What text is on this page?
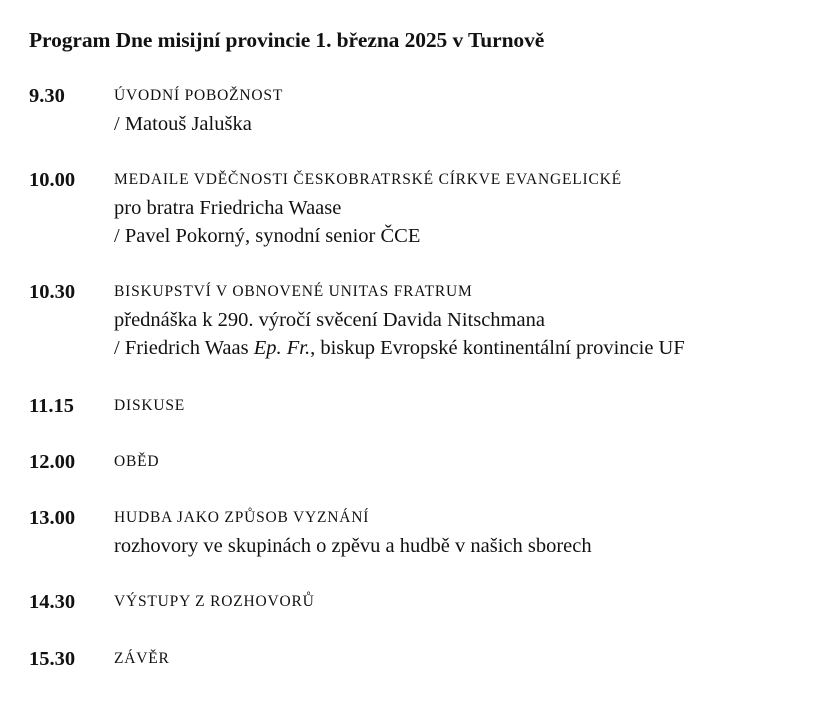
Program Dne misijní provincie 1. března 2025 v Turnově
9.30	ÚVODNÍ POBOŽNOST
/ Matouš Jaluška
10.00	MEDAILE VDĚČNOSTI ČESKOBRATRSKÉ CÍRKVE EVANGELICKÉ
pro bratra Friedricha Waase
/ Pavel Pokorný, synodní senior ČCE
10.30	BISKUPSTVÍ V OBNOVENÉ UNITAS FRATRUM
přednáška k 290. výročí svěcení Davida Nitschmana
/ Friedrich Waas Ep. Fr., biskup Evropské kontinentální provincie UF
11.15	DISKUSE
12.00	OBĚD
13.00	HUDBA JAKO ZPŮSOB VYZNÁNÍ
rozhovory ve skupinách o zpěvu a hudbě v našich sborech
14.30	VÝSTUPY Z ROZHOVORŮ
15.30	ZÁVĚR
